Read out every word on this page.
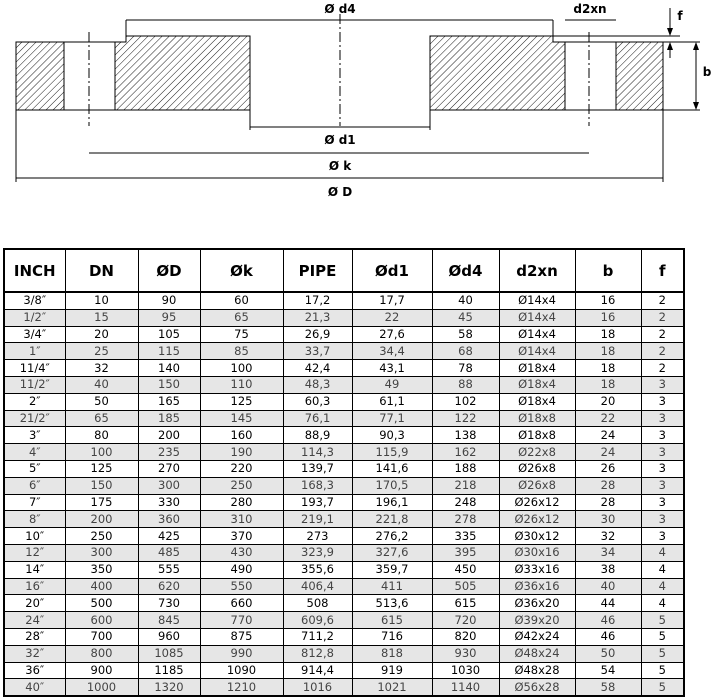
Ø d4	d2xn	f
b
Ø d1
Ø k
Ø D
INCH	DN	ØD	Øk	PIPE	Ød1	Ød4	d2xn	b	f
3/8″	10	90	60	17,2	17,7	40	Ø14x4	16	2
1/2″	15	95	65	21,3	22	45	Ø14x4	16	2
3/4″	20	105	75	26,9	27,6	58	Ø14x4	18	2
1″	25	115	85	33,7	34,4	68	Ø14x4	18	2
11/4″	32	140	100	42,4	43,1	78	Ø18x4	18	2
11/2″	40	150	110	48,3	49	88	Ø18x4	18	3
2″	50	165	125	60,3	61,1	102	Ø18x4	20	3
21/2″	65	185	145	76,1	77,1	122	Ø18x8	22	3
3″	80	200	160	88,9	90,3	138	Ø18x8	24	3
4″	100	235	190	114,3	115,9	162	Ø22x8	24	3
5″	125	270	220	139,7	141,6	188	Ø26x8	26	3
6″	150	300	250	168,3	170,5	218	Ø26x8	28	3
7″	175	330	280	193,7	196,1	248	Ø26x12	28	3
8″	200	360	310	219,1	221,8	278	Ø26x12	30	3
10″	250	425	370	273	276,2	335	Ø30x12	32	3
12″	300	485	430	323,9	327,6	395	Ø30x16	34	4
14″	350	555	490	355,6	359,7	450	Ø33x16	38	4
16″	400	620	550	406,4	411	505	Ø36x16	40	4
20″	500	730	660	508	513,6	615	Ø36x20	44	4
24″	600	845	770	609,6	615	720	Ø39x20	46	5
28″	700	960	875	711,2	716	820	Ø42x24	46	5
32″	800	1085	990	812,8	818	930	Ø48x24	50	5
36″	900	1185	1090	914,4	919	1030	Ø48x28	54	5
40″	1000	1320	1210	1016	1021	1140	Ø56x28	58	5
